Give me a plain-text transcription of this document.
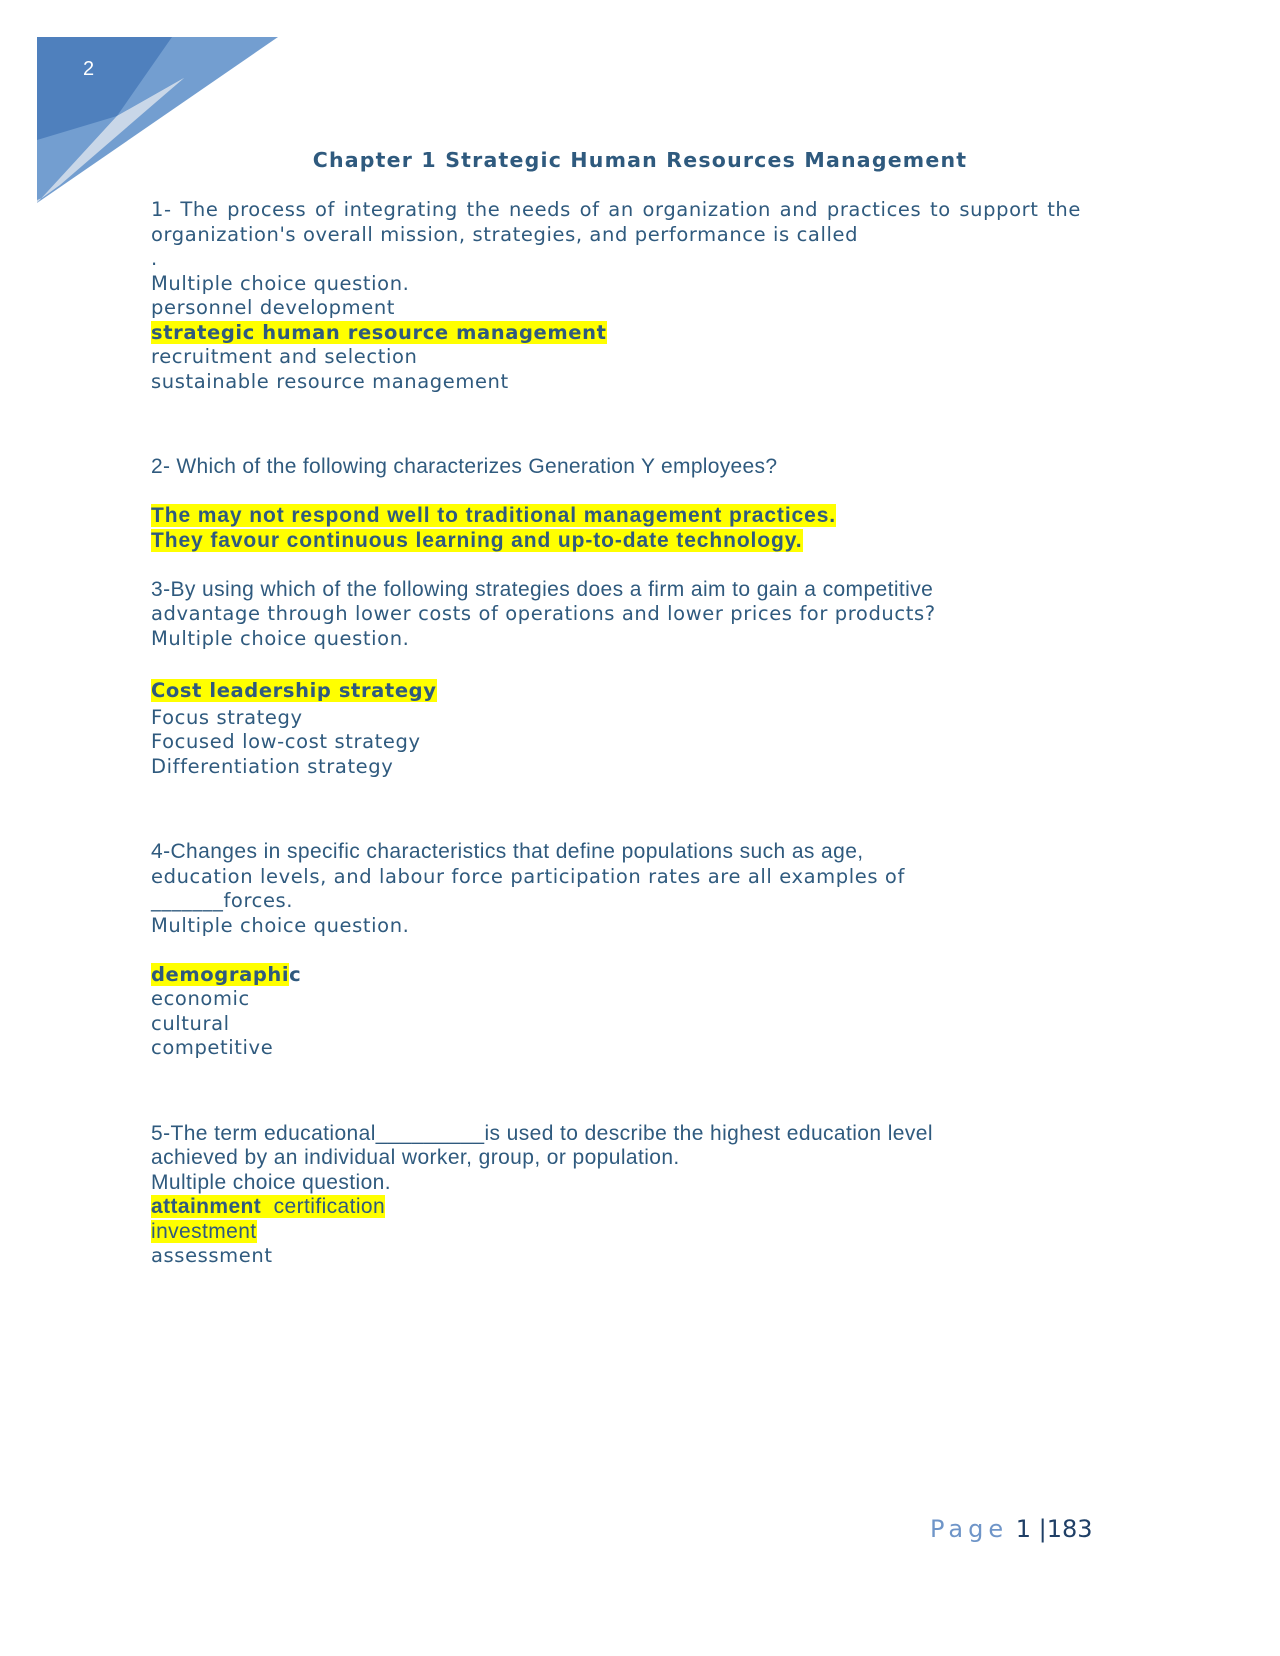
2
Chapter 1 Strategic Human Resources Management
1- The process of integrating the needs of an organization and practices to support the organization's overall mission, strategies, and performance is called
.
Multiple choice question.
personnel development
strategic human resource management
recruitment and selection
sustainable resource management
2- Which of the following characterizes Generation Y employees?
The may not respond well to traditional management practices.
They favour continuous learning and up-to-date technology.
3-By using which of the following strategies does a firm aim to gain a competitive
advantage through lower costs of operations and lower prices for products?
Multiple choice question.
Cost leadership strategy
Focus strategy
Focused low-cost strategy
Differentiation strategy
4-Changes in specific characteristics that define populations such as age,
education levels, and labour force participation rates are all examples of
_______forces.
Multiple choice question.
demographic
economic
cultural
competitive
5-The term educational_________is used to describe the highest education level
achieved by an individual worker, group, or population.
Multiple choice question.
attainment  certification
investment
assessment
Page 1 |183
